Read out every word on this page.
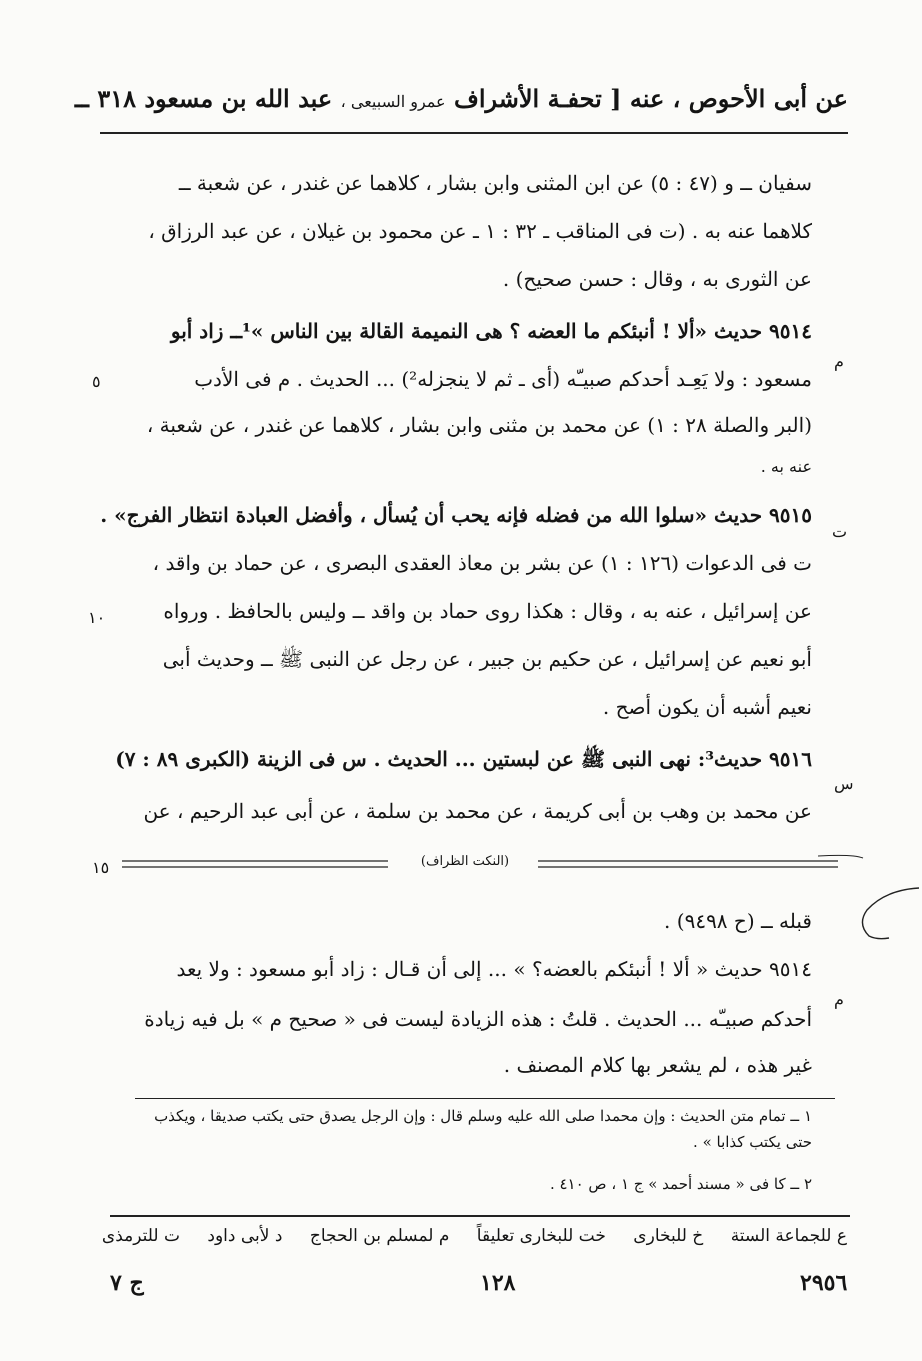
عن أبى الأحوص ، عنه [ تحفـة الأشراف عمرو السبيعى ، عبد الله بن مسعود ٣١٨ ــ
سفيان ــ و (٤٧ : ٥) عن ابن المثنى وابن بشار ، كلاهما عن غندر ، عن شعبة ــ
كلاهما عنه به . (ت فى المناقب ـ ٣٢ : ١ ـ عن محمود بن غيلان ، عن عبد الرزاق ،
عن الثورى به ، وقال : حسن صحيح) .
٩٥١٤ حديث «ألا ! أنبئكم ما العضه ؟ هى النميمة القالة بين الناس »¹ــ زاد أبو
مسعود : ولا يَعِـد أحدكم صبيـّه (أى ـ ثم لا ينجزله²) ... الحديث . م فى الأدب
(البر والصلة ٢٨ : ١) عن محمد بن مثنى وابن بشار ، كلاهما عن غندر ، عن شعبة ،
عنه به .
٩٥١٥ حديث «سلوا الله من فضله فإنه يحب أن يُسأل ، وأفضل العبادة انتظار الفرج» .
ت فى الدعوات (١٢٦ : ١) عن بشر بن معاذ العقدى البصرى ، عن حماد بن واقد ،
عن إسرائيل ، عنه به ، وقال : هكذا روى حماد بن واقد ــ وليس بالحافظ . ورواه
أبو نعيم عن إسرائيل ، عن حكيم بن جبير ، عن رجل عن النبى ﷺ ــ وحديث أبى
نعيم أشبه أن يكون أصح .
٩٥١٦ حديث³: نهى النبى ﷺ عن لبستين ... الحديث . س فى الزينة (الكبرى ٨٩ : ٧)
عن محمد بن وهب بن أبى كريمة ، عن محمد بن سلمة ، عن أبى عبد الرحيم ، عن
م
ت
س
م
٥
١٠
١٥	(النكت الظراف)
قبله ــ (ح ٩٤٩٨) .
٩٥١٤ حديث « ألا ! أنبئكم بالعضه؟ » ... إلى أن قـال : زاد أبو مسعود : ولا يعد
أحدكم صبيـّه ... الحديث . قلتُ : هذه الزيادة ليست فى « صحيح م » بل فيه زيادة
غير هذه ، لم يشعر بها كلام المصنف .
١ ــ تمام متن الحديث : وإن محمدا صلى الله عليه وسلم قال : وإن الرجل يصدق حتى يكتب صديقا ، ويكذب
حتى يكتب كذابا » .
٢ ــ كا فى « مسند أحمد » ج ١ ، ص ٤١٠ .
ع للجماعة الستة خ للبخارى خت للبخارى تعليقاً م لمسلم بن الحجاج د لأبى داود ت للترمذى
٢٩٥٦
١٢٨
ج ٧
